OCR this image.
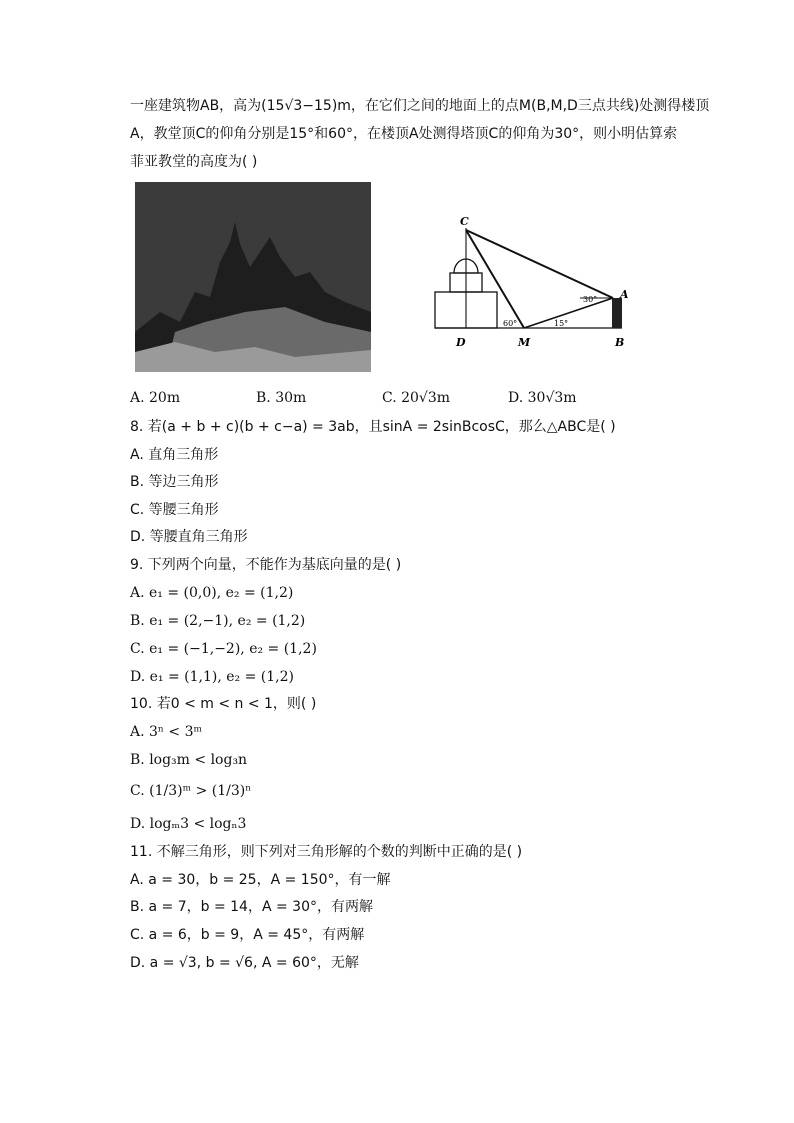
一座建筑物AB，高为(15√3−15)m，在它们之间的地面上的点M(B,M,D三点共线)处测得楼顶
A，教堂顶C的仰角分别是15°和60°，在楼顶A处测得塔顶C的仰角为30°，则小明估算索
菲亚教堂的高度为( )
C
A
D	M	B
30°
60°	15°
A. 20m	B. 30m	C. 20√3m	D. 30√3m
8. 若(a + b + c)(b + c−a) = 3ab，且sinA = 2sinBcosC，那么△ABC是( )
A. 直角三角形
B. 等边三角形
C. 等腰三角形
D. 等腰直角三角形
9. 下列两个向量，不能作为基底向量的是( )
A. e₁ = (0,0), e₂ = (1,2)
B. e₁ = (2,−1), e₂ = (1,2)
C. e₁ = (−1,−2), e₂ = (1,2)
D. e₁ = (1,1), e₂ = (1,2)
10. 若0 < m < n < 1，则( )
A. 3ⁿ < 3ᵐ
B. log₃m < log₃n
C. (1/3)ᵐ > (1/3)ⁿ
D. logₘ3 < logₙ3
11. 不解三角形，则下列对三角形解的个数的判断中正确的是( )
A. a = 30，b = 25，A = 150°，有一解
B. a = 7，b = 14，A = 30°，有两解
C. a = 6，b = 9，A = 45°，有两解
D. a = √3, b = √6, A = 60°，无解
